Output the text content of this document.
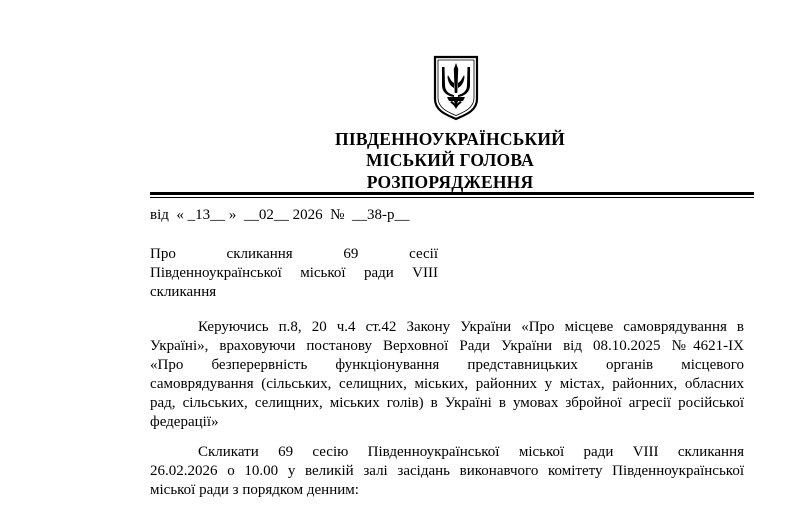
ПІВДЕННОУКРАЇНСЬКИЙ
МІСЬКИЙ ГОЛОВА
РОЗПОРЯДЖЕННЯ
від  « _13__ »  __02__ 2026  №  __38-р__
Про скликання 69 сесії
Південноукраїнської міської ради VIII
скликання
Керуючись п.8, 20 ч.4 ст.42 Закону України «Про місцеве самоврядування в
Україні», враховуючи постанову Верховної Ради України від 08.10.2025 №4621-IX
«Про безперервність функціонування представницьких органів місцевого
самоврядування (сільських, селищних, міських, районних у містах, районних, обласних
рад, сільських, селищних, міських голів) в Україні в умовах збройної агресії російської
федерації»
Скликати 69 сесію Південноукраїнської міської ради VIII скликання
26.02.2026 о 10.00 у великій залі засідань виконавчого комітету Південноукраїнської
міської ради з порядком денним:
